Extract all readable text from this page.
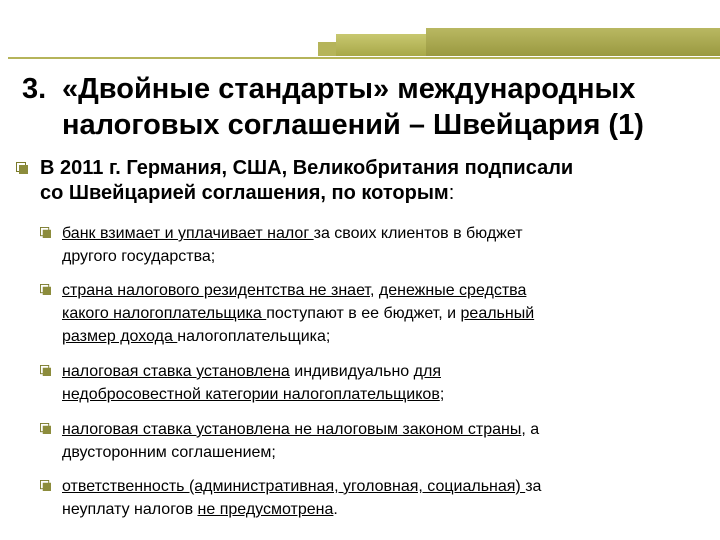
3. «Двойные стандарты» международных
налоговых соглашений – Швейцария (1)
В 2011 г. Германия, США, Великобритания подписали
со Швейцарией соглашения, по которым:
банк взимает и уплачивает налог за своих клиентов в бюджет
другого государства;
страна налогового резидентства не знает, денежные средства
какого налогоплательщика поступают в ее бюджет, и реальный
размер дохода налогоплательщика;
налоговая ставка установлена индивидуально для
недобросовестной категории налогоплательщиков;
налоговая ставка установлена не налоговым законом страны, а
двусторонним соглашением;
ответственность (административная, уголовная, социальная) за
неуплату налогов не предусмотрена.
